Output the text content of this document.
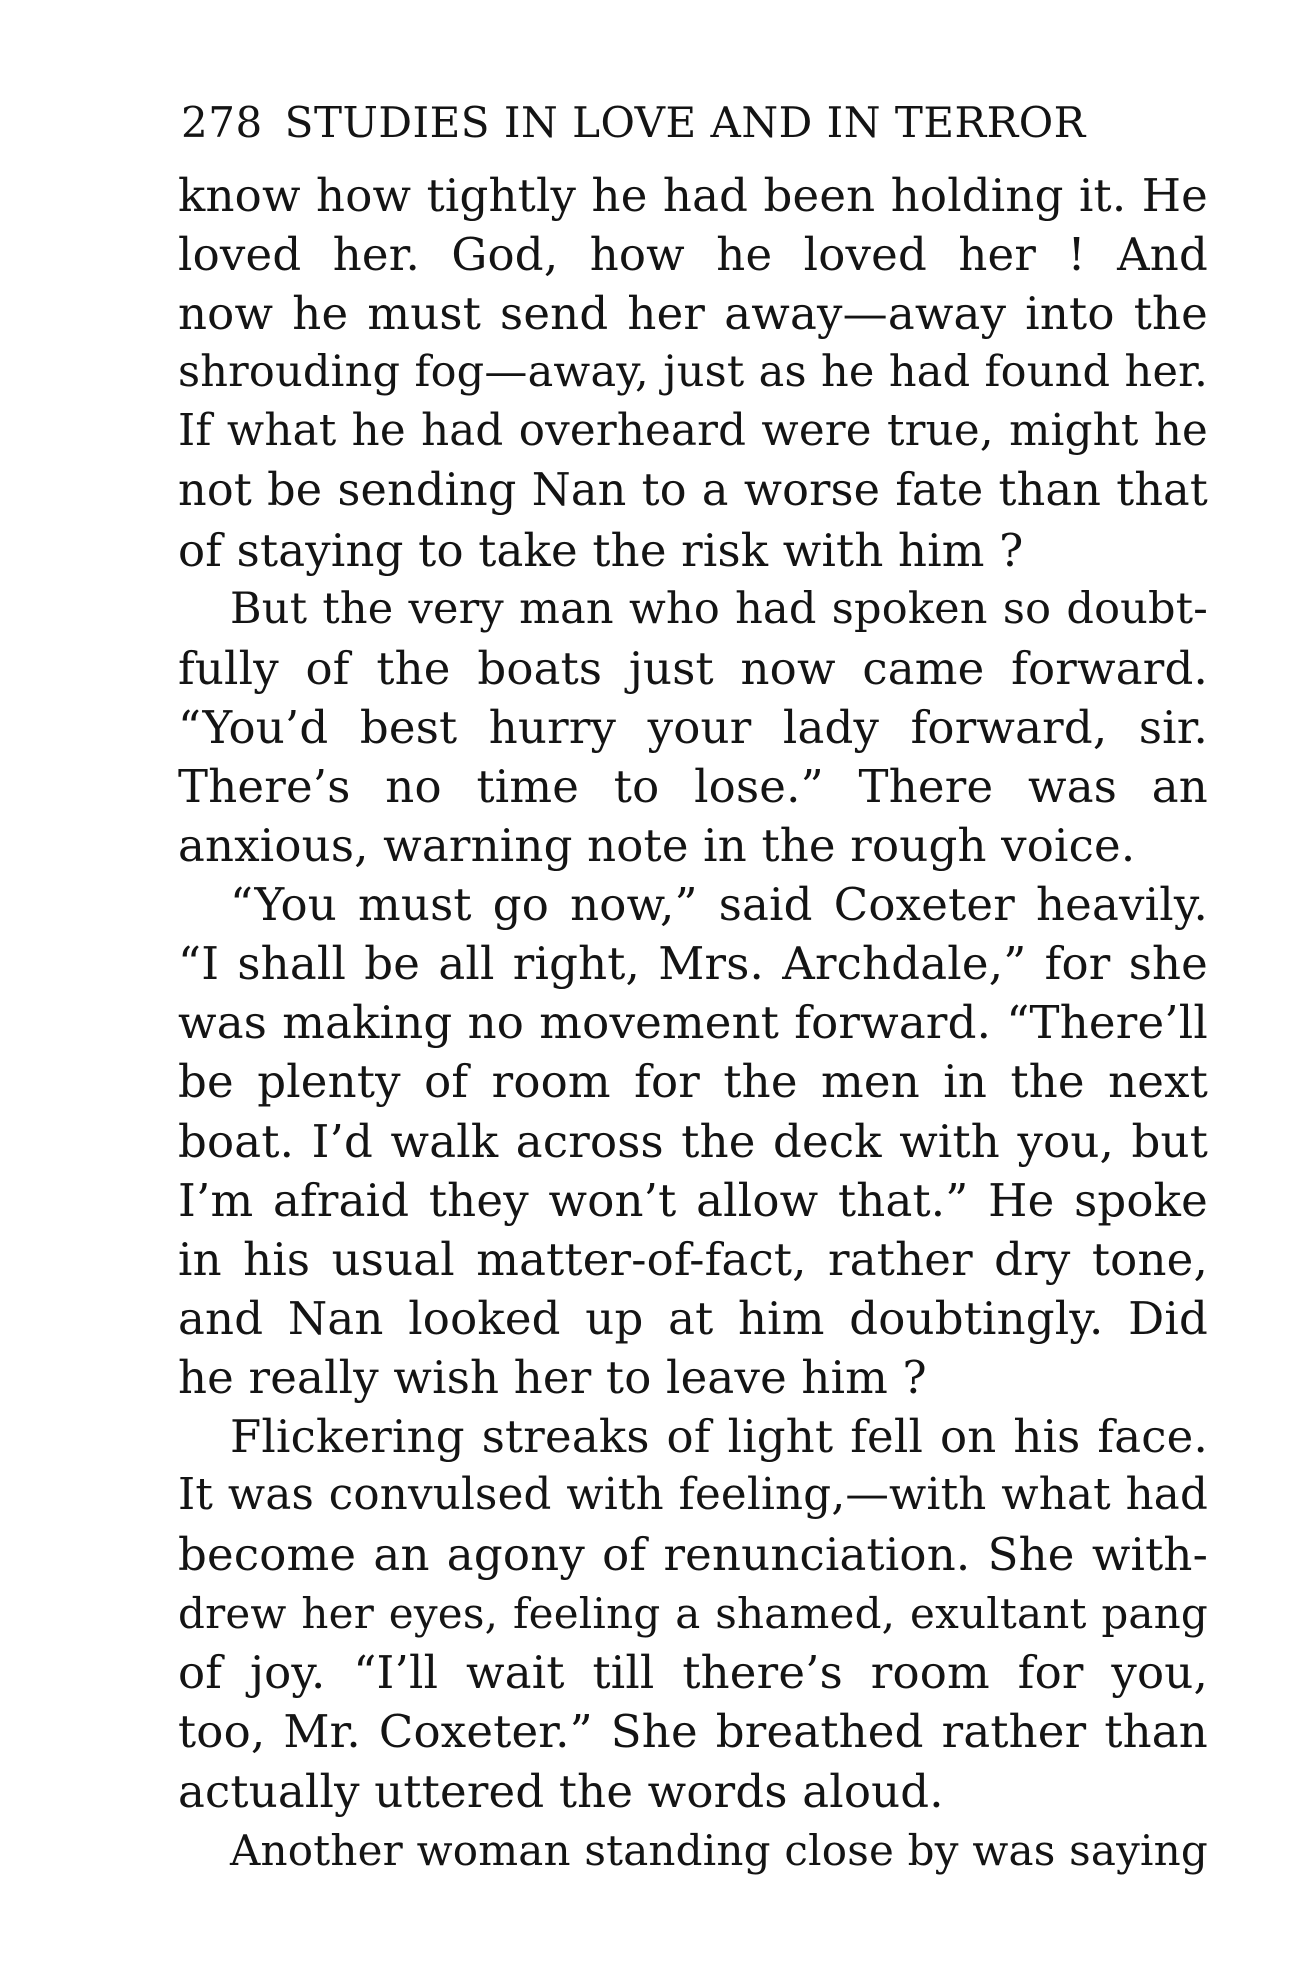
278 STUDIES IN LOVE AND IN TERROR
know how tightly he had been holding it. He
loved her. God, how he loved her ! And
now he must send her away—away into the
shrouding fog—away, just as he had found her.
If what he had overheard were true, might he
not be sending Nan to a worse fate than that
of staying to take the risk with him ?
But the very man who had spoken so doubt-
fully of the boats just now came forward.
“You’d best hurry your lady forward, sir.
There’s no time to lose.” There was an
anxious, warning note in the rough voice.
“You must go now,” said Coxeter heavily.
“I shall be all right, Mrs. Archdale,” for she
was making no movement forward. “There’ll
be plenty of room for the men in the next
boat. I’d walk across the deck with you, but
I’m afraid they won’t allow that.” He spoke
in his usual matter-of-fact, rather dry tone,
and Nan looked up at him doubtingly. Did
he really wish her to leave him ?
Flickering streaks of light fell on his face.
It was convulsed with feeling,—with what had
become an agony of renunciation. She with-
drew her eyes, feeling a shamed, exultant pang
of joy. “I’ll wait till there’s room for you,
too, Mr. Coxeter.” She breathed rather than
actually uttered the words aloud.
Another woman standing close by was saying
